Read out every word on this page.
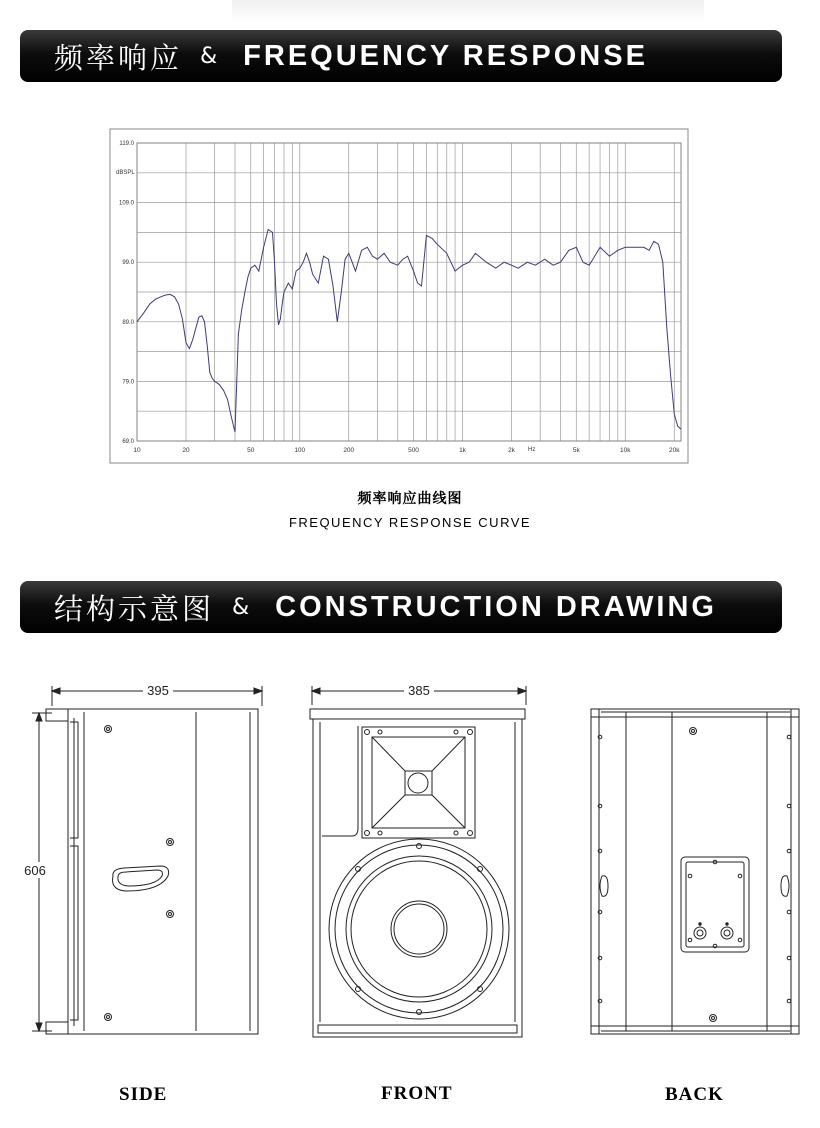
频率响应 & FREQUENCY RESPONSE
69.0
79.0
89.0
99.0
109.0
119.0
10	20	50	100	200	500	1k	2k	5k	10k	20k
dBSPL
Hz
频率响应曲线图
FREQUENCY RESPONSE CURVE
结构示意图 & CONSTRUCTION DRAWING
395
606
385
SIDE	FRONT	BACK
